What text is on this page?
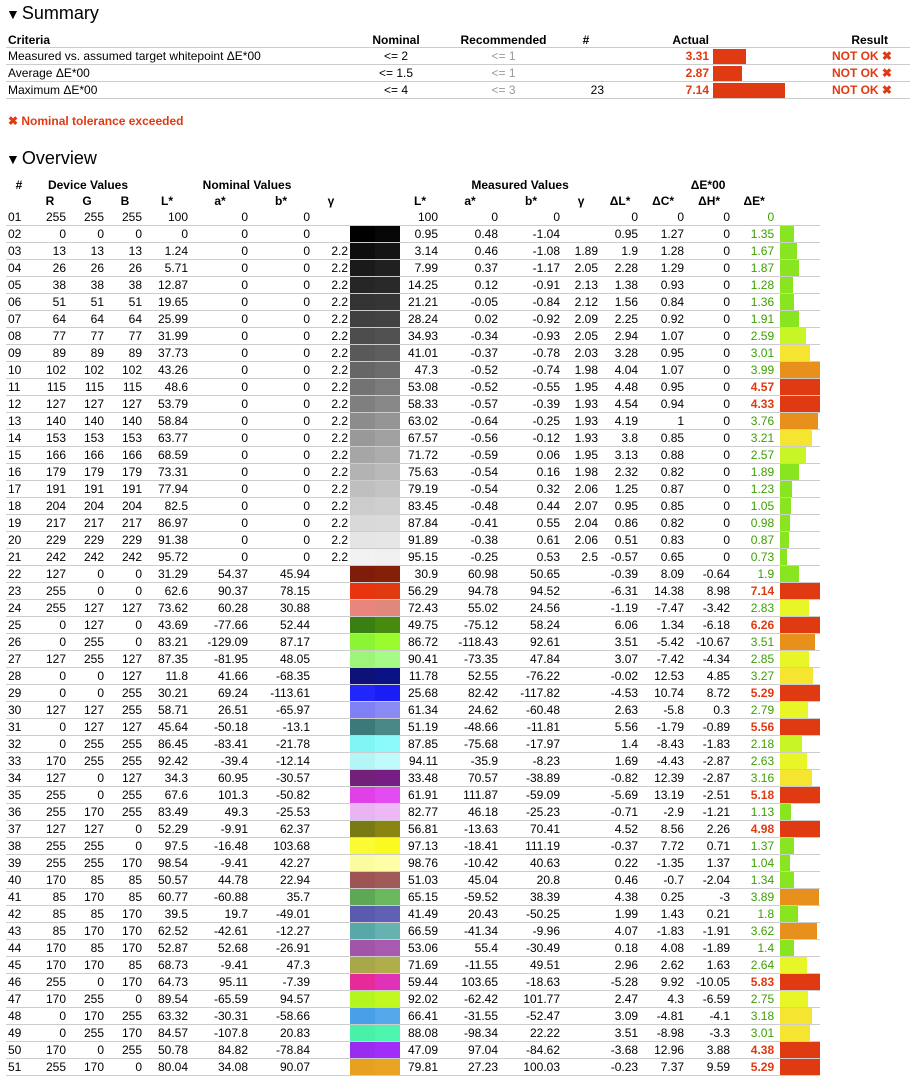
▼ Summary
Criteria	Nominal	Recommended	#	Actual		Result
Measured vs. assumed target whitepoint ΔE*00	<= 2	<= 1		3.31		NOT OK ✖
Average ΔE*00	<= 1.5	<= 1		2.87		NOT OK ✖
Maximum ΔE*00	<= 4	<= 3	23	7.14		NOT OK ✖
✖ Nominal tolerance exceeded
▼ Overview
#	Device Values			Nominal Values					Measured Values					ΔE*00				
	R	G	B	L*	a*	b*	γ		L*	a*	b*	γ	ΔL*	ΔC*	ΔH*	ΔE*		
01	255	255	255	100	0	0			100	0	0		0	0	0	0		

02	0	0	0	0	0	0			0.95	0.48	-1.04		0.95	1.27	0	1.35		

03	13	13	13	1.24	0	0	2.2		3.14	0.46	-1.08	1.89	1.9	1.28	0	1.67		

04	26	26	26	5.71	0	0	2.2		7.99	0.37	-1.17	2.05	2.28	1.29	0	1.87		

05	38	38	38	12.87	0	0	2.2		14.25	0.12	-0.91	2.13	1.38	0.93	0	1.28		

06	51	51	51	19.65	0	0	2.2		21.21	-0.05	-0.84	2.12	1.56	0.84	0	1.36		

07	64	64	64	25.99	0	0	2.2		28.24	0.02	-0.92	2.09	2.25	0.92	0	1.91		

08	77	77	77	31.99	0	0	2.2		34.93	-0.34	-0.93	2.05	2.94	1.07	0	2.59		

09	89	89	89	37.73	0	0	2.2		41.01	-0.37	-0.78	2.03	3.28	0.95	0	3.01		

10	102	102	102	43.26	0	0	2.2		47.3	-0.52	-0.74	1.98	4.04	1.07	0	3.99		

11	115	115	115	48.6	0	0	2.2		53.08	-0.52	-0.55	1.95	4.48	0.95	0	4.57		

12	127	127	127	53.79	0	0	2.2		58.33	-0.57	-0.39	1.93	4.54	0.94	0	4.33		

13	140	140	140	58.84	0	0	2.2		63.02	-0.64	-0.25	1.93	4.19	1	0	3.76		

14	153	153	153	63.77	0	0	2.2		67.57	-0.56	-0.12	1.93	3.8	0.85	0	3.21		

15	166	166	166	68.59	0	0	2.2		71.72	-0.59	0.06	1.95	3.13	0.88	0	2.57		

16	179	179	179	73.31	0	0	2.2		75.63	-0.54	0.16	1.98	2.32	0.82	0	1.89		

17	191	191	191	77.94	0	0	2.2		79.19	-0.54	0.32	2.06	1.25	0.87	0	1.23		

18	204	204	204	82.5	0	0	2.2		83.45	-0.48	0.44	2.07	0.95	0.85	0	1.05		

19	217	217	217	86.97	0	0	2.2		87.84	-0.41	0.55	2.04	0.86	0.82	0	0.98		

20	229	229	229	91.38	0	0	2.2		91.89	-0.38	0.61	2.06	0.51	0.83	0	0.87		

21	242	242	242	95.72	0	0	2.2		95.15	-0.25	0.53	2.5	-0.57	0.65	0	0.73		

22	127	0	0	31.29	54.37	45.94			30.9	60.98	50.65		-0.39	8.09	-0.64	1.9		

23	255	0	0	62.6	90.37	78.15			56.29	94.78	94.52		-6.31	14.38	8.98	7.14		

24	255	127	127	73.62	60.28	30.88			72.43	55.02	24.56		-1.19	-7.47	-3.42	2.83		

25	0	127	0	43.69	-77.66	52.44			49.75	-75.12	58.24		6.06	1.34	-6.18	6.26		

26	0	255	0	83.21	-129.09	87.17			86.72	-118.43	92.61		3.51	-5.42	-10.67	3.51		

27	127	255	127	87.35	-81.95	48.05			90.41	-73.35	47.84		3.07	-7.42	-4.34	2.85		

28	0	0	127	11.8	41.66	-68.35			11.78	52.55	-76.22		-0.02	12.53	4.85	3.27		

29	0	0	255	30.21	69.24	-113.61			25.68	82.42	-117.82		-4.53	10.74	8.72	5.29		

30	127	127	255	58.71	26.51	-65.97			61.34	24.62	-60.48		2.63	-5.8	0.3	2.79		

31	0	127	127	45.64	-50.18	-13.1			51.19	-48.66	-11.81		5.56	-1.79	-0.89	5.56		

32	0	255	255	86.45	-83.41	-21.78			87.85	-75.68	-17.97		1.4	-8.43	-1.83	2.18		

33	170	255	255	92.42	-39.4	-12.14			94.11	-35.9	-8.23		1.69	-4.43	-2.87	2.63		

34	127	0	127	34.3	60.95	-30.57			33.48	70.57	-38.89		-0.82	12.39	-2.87	3.16		

35	255	0	255	67.6	101.3	-50.82			61.91	111.87	-59.09		-5.69	13.19	-2.51	5.18		

36	255	170	255	83.49	49.3	-25.53			82.77	46.18	-25.23		-0.71	-2.9	-1.21	1.13		

37	127	127	0	52.29	-9.91	62.37			56.81	-13.63	70.41		4.52	8.56	2.26	4.98		

38	255	255	0	97.5	-16.48	103.68			97.13	-18.41	111.19		-0.37	7.72	0.71	1.37		

39	255	255	170	98.54	-9.41	42.27			98.76	-10.42	40.63		0.22	-1.35	1.37	1.04		

40	170	85	85	50.57	44.78	22.94			51.03	45.04	20.8		0.46	-0.7	-2.04	1.34		

41	85	170	85	60.77	-60.88	35.7			65.15	-59.52	38.39		4.38	0.25	-3	3.89		

42	85	85	170	39.5	19.7	-49.01			41.49	20.43	-50.25		1.99	1.43	0.21	1.8		

43	85	170	170	62.52	-42.61	-12.27			66.59	-41.34	-9.96		4.07	-1.83	-1.91	3.62		

44	170	85	170	52.87	52.68	-26.91			53.06	55.4	-30.49		0.18	4.08	-1.89	1.4		

45	170	170	85	68.73	-9.41	47.3			71.69	-11.55	49.51		2.96	2.62	1.63	2.64		

46	255	0	170	64.73	95.11	-7.39			59.44	103.65	-18.63		-5.28	9.92	-10.05	5.83		

47	170	255	0	89.54	-65.59	94.57			92.02	-62.42	101.77		2.47	4.3	-6.59	2.75		

48	0	170	255	63.32	-30.31	-58.66			66.41	-31.55	-52.47		3.09	-4.81	-4.1	3.18		

49	0	255	170	84.57	-107.8	20.83			88.08	-98.34	22.22		3.51	-8.98	-3.3	3.01		

50	170	0	255	50.78	84.82	-78.84			47.09	97.04	-84.62		-3.68	12.96	3.88	4.38		

51	255	170	0	80.04	34.08	90.07			79.81	27.23	100.03		-0.23	7.37	9.59	5.29		
